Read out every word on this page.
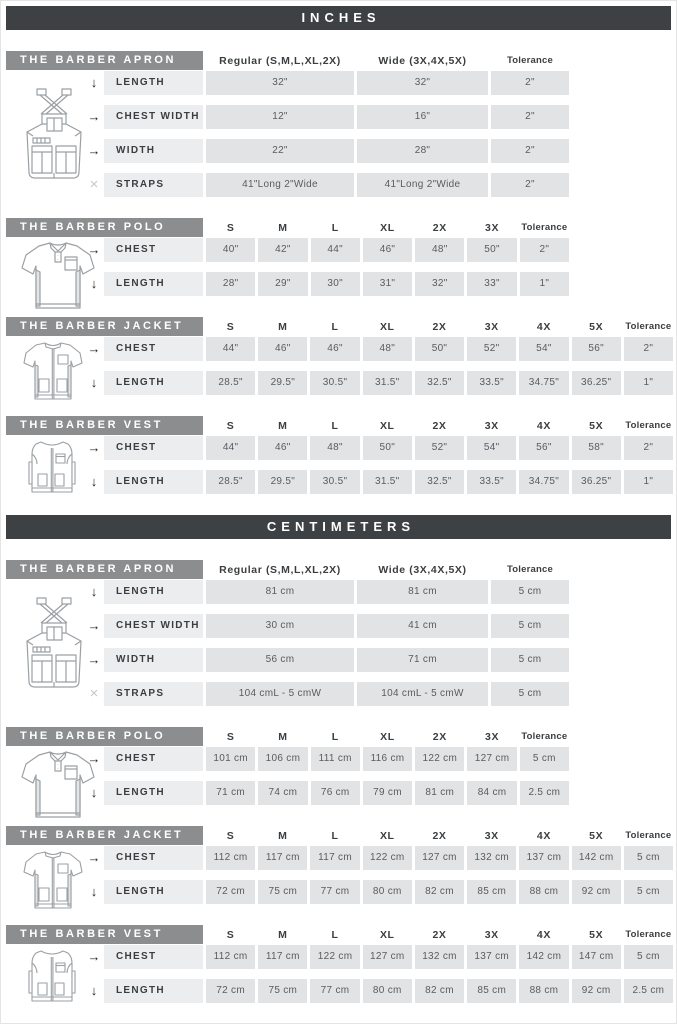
INCHES
THE BARBER APRON	Regular (S,M,L,XL,2X)	Wide (3X,4X,5X)	Tolerance
↓	LENGTH	32"	32"	2"
→	CHEST WIDTH	12"	16"	2"
→	WIDTH	22"	28"	2"
×	STRAPS	41"Long 2"Wide	41"Long 2"Wide	2"
THE BARBER POLO	S	M	L	XL	2X	3X	Tolerance
→	CHEST	40"	42"	44"	46"	48"	50"	2"
↓	LENGTH	28"	29"	30"	31"	32"	33"	1"
THE BARBER JACKET	S	M	L	XL	2X	3X	4X	5X	Tolerance
→	CHEST	44"	46"	46"	48"	50"	52"	54"	56"	2"
↓	LENGTH	28.5"	29.5"	30.5"	31.5"	32.5"	33.5"	34.75"	36.25"	1"
THE BARBER VEST	S	M	L	XL	2X	3X	4X	5X	Tolerance
→	CHEST	44"	46"	48"	50"	52"	54"	56"	58"	2"
↓	LENGTH	28.5"	29.5"	30.5"	31.5"	32.5"	33.5"	34.75"	36.25"	1"
CENTIMETERS
THE BARBER APRON	Regular (S,M,L,XL,2X)	Wide (3X,4X,5X)	Tolerance
↓	LENGTH	81 cm	81 cm	5 cm
→	CHEST WIDTH	30 cm	41 cm	5 cm
→	WIDTH	56 cm	71 cm	5 cm
×	STRAPS	104 cmL - 5 cmW	104 cmL - 5 cmW	5 cm
THE BARBER POLO	S	M	L	XL	2X	3X	Tolerance
→	CHEST	101 cm	106 cm	111 cm	116 cm	122 cm	127 cm	5 cm
↓	LENGTH	71 cm	74 cm	76 cm	79 cm	81 cm	84 cm	2.5 cm
THE BARBER JACKET	S	M	L	XL	2X	3X	4X	5X	Tolerance
→	CHEST	112 cm	117 cm	117 cm	122 cm	127 cm	132 cm	137 cm	142 cm	5 cm
↓	LENGTH	72 cm	75 cm	77 cm	80 cm	82 cm	85 cm	88 cm	92 cm	5 cm
THE BARBER VEST	S	M	L	XL	2X	3X	4X	5X	Tolerance
→	CHEST	112 cm	117 cm	122 cm	127 cm	132 cm	137 cm	142 cm	147 cm	5 cm
↓	LENGTH	72 cm	75 cm	77 cm	80 cm	82 cm	85 cm	88 cm	92 cm	2.5 cm
